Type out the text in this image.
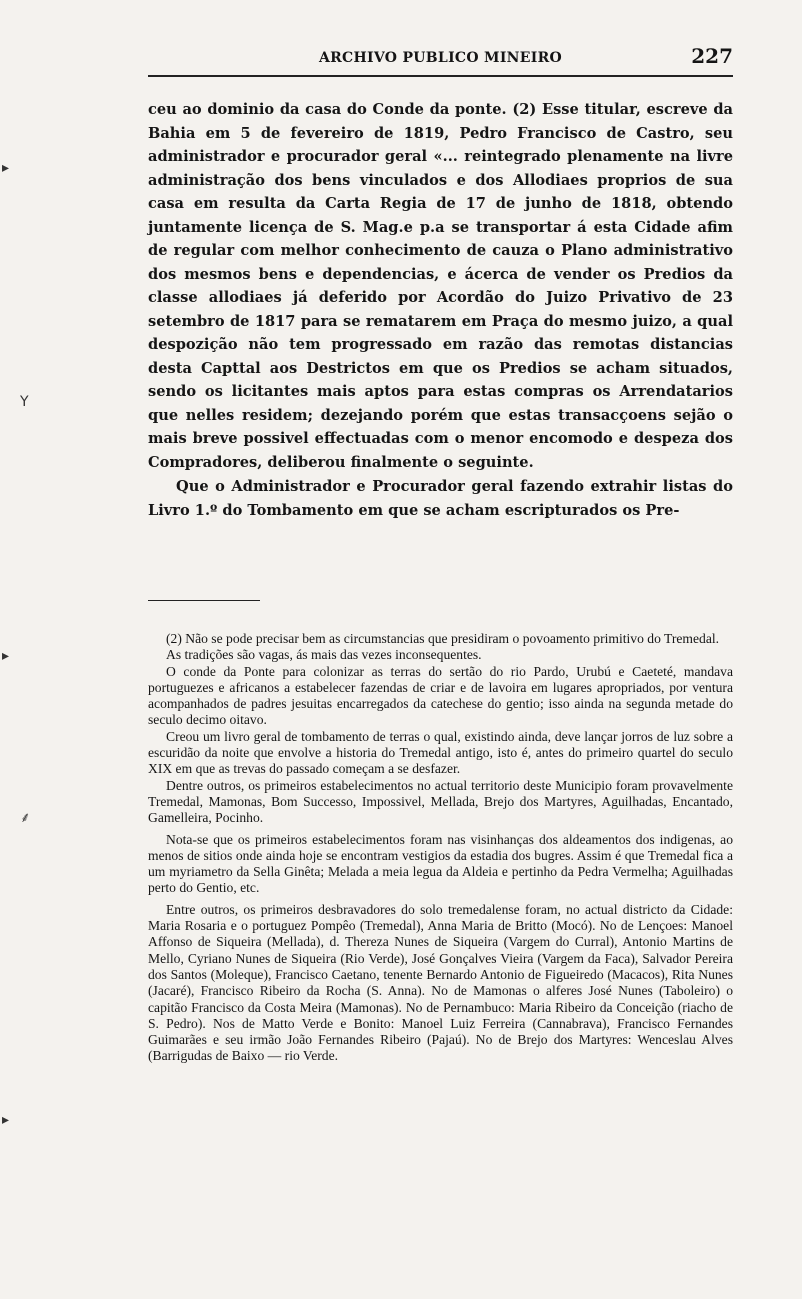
ARCHIVO PUBLICO MINEIRO	227

ceu ao dominio da casa do Conde da ponte. (2) Esse titular, escreve da Bahia em 5 de fevereiro de 1819, Pedro Francisco de Castro, seu administrador e procurador geral «... reintegrado plenamente na livre administração dos bens vinculados e dos Allodiaes proprios de sua casa em resulta da Carta Regia de 17 de junho de 1818, obtendo juntamente licença de S. Mag.e p.a se transportar á esta Cidade afim de regular com melhor conhecimento de cauza o Plano administrativo dos mesmos bens e dependencias, e ácerca de vender os Predios da classe allodiaes já deferido por Acordão do Juizo Privativo de 23 setembro de 1817 para se rematarem em Praça do mesmo juizo, a qual despozição não tem progressado em razão das remotas distancias desta Capttal aos Destrictos em que os Predios se acham situados, sendo os licitantes mais aptos para estas compras os Arrendatarios que nelles residem; dezejando porém que estas transacçoens sejão o mais breve possivel effectuadas com o menor encomodo e despeza dos Compradores, deliberou finalmente o seguinte.

Que o Administrador e Procurador geral fazendo extrahir listas do Livro 1.º do Tombamento em que se acham escripturados os Pre-

(2) Não se pode precisar bem as circumstancias que presidiram o povoamento primitivo do Tremedal.

As tradições são vagas, ás mais das vezes inconsequentes.

O conde da Ponte para colonizar as terras do sertão do rio Pardo, Urubú e Caeteté, mandava portuguezes e africanos a estabelecer fazendas de criar e de lavoira em lugares apropriados, por ventura acompanhados de padres jesuitas encarregados da catechese do gentio; isso ainda na segunda metade do seculo decimo oitavo.

Creou um livro geral de tombamento de terras o qual, existindo ainda, deve lançar jorros de luz sobre a escuridão da noite que envolve a historia do Tremedal antigo, isto é, antes do primeiro quartel do seculo XIX em que as trevas do passado começam a se desfazer.

Dentre outros, os primeiros estabelecimentos no actual territorio deste Municipio foram provavelmente Tremedal, Mamonas, Bom Successo, Impossivel, Mellada, Brejo dos Martyres, Aguilhadas, Encantado, Gamelleira, Pocinho.

Nota-se que os primeiros estabelecimentos foram nas visinhanças dos aldeamentos dos indigenas, ao menos de sitios onde ainda hoje se encontram vestigios da estadia dos bugres. Assim é que Tremedal fica a um myriametro da Sella Ginêta; Melada a meia legua da Aldeia e pertinho da Pedra Vermelha; Aguilhadas perto do Gentio, etc.

Entre outros, os primeiros desbravadores do solo tremedalense foram, no actual districto da Cidade: Maria Rosaria e o portuguez Pompêo (Tremedal), Anna Maria de Britto (Mocó). No de Lençoes: Manoel Affonso de Siqueira (Mellada), d. Thereza Nunes de Siqueira (Vargem do Curral), Antonio Martins de Mello, Cyriano Nunes de Siqueira (Rio Verde), José Gonçalves Vieira (Vargem da Faca), Salvador Pereira dos Santos (Moleque), Francisco Caetano, tenente Bernardo Antonio de Figueiredo (Macacos), Rita Nunes (Jacaré), Francisco Ribeiro da Rocha (S. Anna). No de Mamonas o alferes José Nunes (Taboleiro) o capitão Francisco da Costa Meira (Mamonas). No de Pernambuco: Maria Ribeiro da Conceição (riacho de S. Pedro). Nos de Matto Verde e Bonito: Manoel Luiz Ferreira (Cannabrava), Francisco Fernandes Guimarães e seu irmão João Fernandes Ribeiro (Pajaú). No de Brejo dos Martyres: Wenceslau Alves (Barrigudas de Baixo — rio Verde.

▸
Y
▸
⸙
▸
